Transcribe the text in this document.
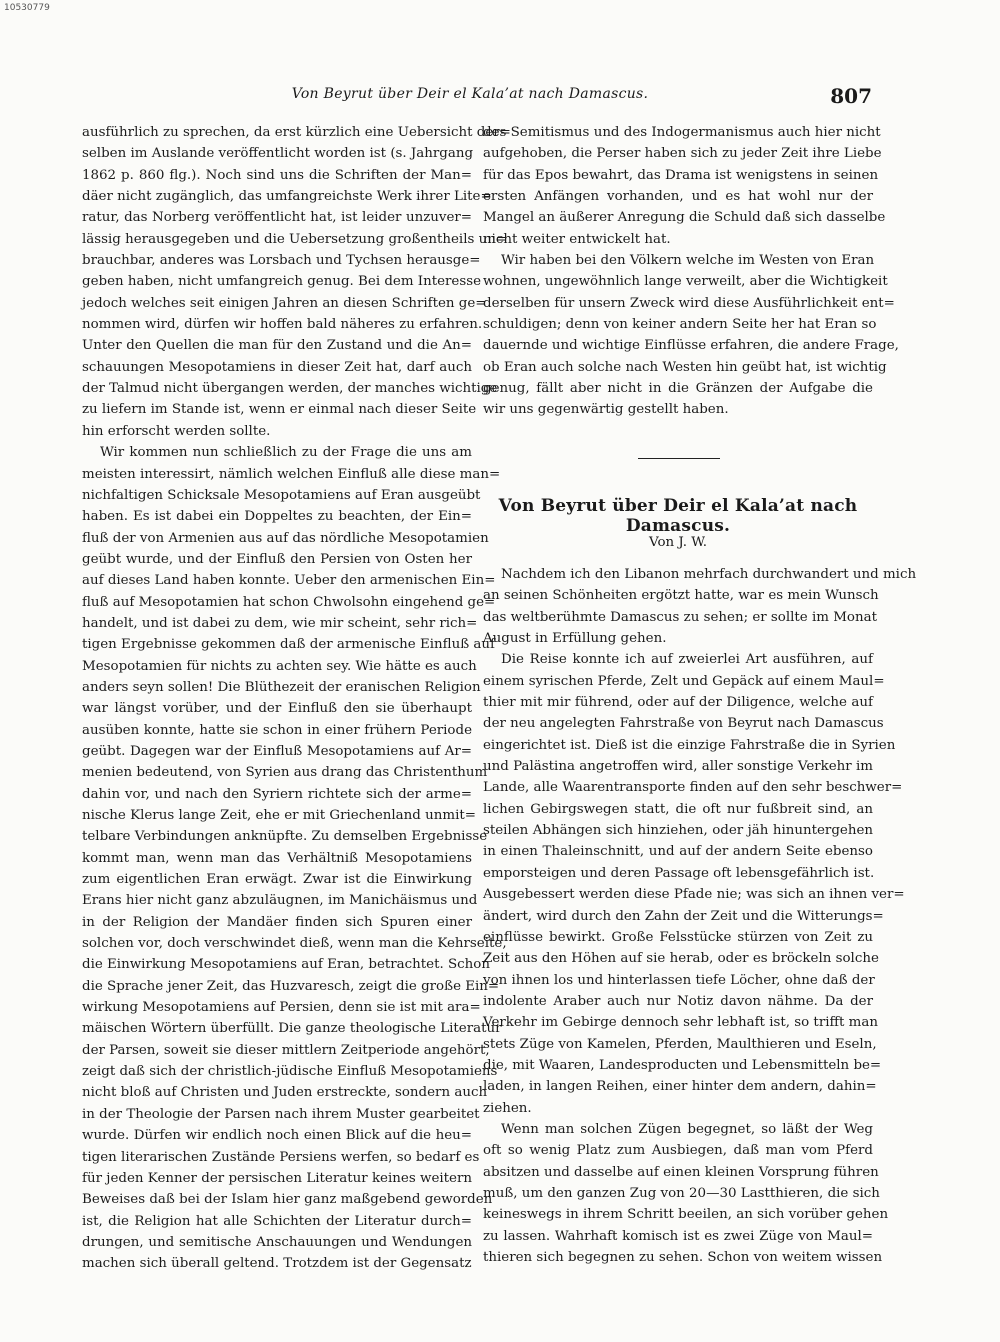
10530779
Von Beyrut über Deir el Kala’at nach Damascus.	807
ausführlich zu sprechen, da erst kürzlich eine Uebersicht der=
selben im Auslande veröffentlicht worden ist (s. Jahrgang
1862 p. 860 flg.). Noch sind uns die Schriften der Man=
däer nicht zugänglich, das umfangreichste Werk ihrer Lite=
ratur, das Norberg veröffentlicht hat, ist leider unzuver=
lässig herausgegeben und die Uebersetzung großentheils un=
brauchbar, anderes was Lorsbach und Tychsen herausge=
geben haben, nicht umfangreich genug. Bei dem Interesse
jedoch welches seit einigen Jahren an diesen Schriften ge=
nommen wird, dürfen wir hoffen bald näheres zu erfahren.
Unter den Quellen die man für den Zustand und die An=
schauungen Mesopotamiens in dieser Zeit hat, darf auch
der Talmud nicht übergangen werden, der manches wichtige
zu liefern im Stande ist, wenn er einmal nach dieser Seite
hin erforscht werden sollte.
Wir kommen nun schließlich zu der Frage die uns am
meisten interessirt, nämlich welchen Einfluß alle diese man=
nichfaltigen Schicksale Mesopotamiens auf Eran ausgeübt
haben. Es ist dabei ein Doppeltes zu beachten, der Ein=
fluß der von Armenien aus auf das nördliche Mesopotamien
geübt wurde, und der Einfluß den Persien von Osten her
auf dieses Land haben konnte. Ueber den armenischen Ein=
fluß auf Mesopotamien hat schon Chwolsohn eingehend ge=
handelt, und ist dabei zu dem, wie mir scheint, sehr rich=
tigen Ergebnisse gekommen daß der armenische Einfluß auf
Mesopotamien für nichts zu achten sey. Wie hätte es auch
anders seyn sollen! Die Blüthezeit der eranischen Religion
war längst vorüber, und der Einfluß den sie überhaupt
ausüben konnte, hatte sie schon in einer frühern Periode
geübt. Dagegen war der Einfluß Mesopotamiens auf Ar=
menien bedeutend, von Syrien aus drang das Christenthum
dahin vor, und nach den Syriern richtete sich der arme=
nische Klerus lange Zeit, ehe er mit Griechenland unmit=
telbare Verbindungen anknüpfte. Zu demselben Ergebnisse
kommt man, wenn man das Verhältniß Mesopotamiens
zum eigentlichen Eran erwägt. Zwar ist die Einwirkung
Erans hier nicht ganz abzuläugnen, im Manichäismus und
in der Religion der Mandäer finden sich Spuren einer
solchen vor, doch verschwindet dieß, wenn man die Kehrseite,
die Einwirkung Mesopotamiens auf Eran, betrachtet. Schon
die Sprache jener Zeit, das Huzvaresch, zeigt die große Ein=
wirkung Mesopotamiens auf Persien, denn sie ist mit ara=
mäischen Wörtern überfüllt. Die ganze theologische Literatur
der Parsen, soweit sie dieser mittlern Zeitperiode angehört,
zeigt daß sich der christlich-jüdische Einfluß Mesopotamiens
nicht bloß auf Christen und Juden erstreckte, sondern auch
in der Theologie der Parsen nach ihrem Muster gearbeitet
wurde. Dürfen wir endlich noch einen Blick auf die heu=
tigen literarischen Zustände Persiens werfen, so bedarf es
für jeden Kenner der persischen Literatur keines weitern
Beweises daß bei der Islam hier ganz maßgebend geworden
ist, die Religion hat alle Schichten der Literatur durch=
drungen, und semitische Anschauungen und Wendungen
machen sich überall geltend. Trotzdem ist der Gegensatz
des Semitismus und des Indogermanismus auch hier nicht
aufgehoben, die Perser haben sich zu jeder Zeit ihre Liebe
für das Epos bewahrt, das Drama ist wenigstens in seinen
ersten Anfängen vorhanden, und es hat wohl nur der
Mangel an äußerer Anregung die Schuld daß sich dasselbe
nicht weiter entwickelt hat.
Wir haben bei den Völkern welche im Westen von Eran
wohnen, ungewöhnlich lange verweilt, aber die Wichtigkeit
derselben für unsern Zweck wird diese Ausführlichkeit ent=
schuldigen; denn von keiner andern Seite her hat Eran so
dauernde und wichtige Einflüsse erfahren, die andere Frage,
ob Eran auch solche nach Westen hin geübt hat, ist wichtig
genug, fällt aber nicht in die Gränzen der Aufgabe die
wir uns gegenwärtig gestellt haben.
Von Beyrut über Deir el Kala’at nach Damascus.
Von J. W.
Nachdem ich den Libanon mehrfach durchwandert und mich
an seinen Schönheiten ergötzt hatte, war es mein Wunsch
das weltberühmte Damascus zu sehen; er sollte im Monat
August in Erfüllung gehen.
Die Reise konnte ich auf zweierlei Art ausführen, auf
einem syrischen Pferde, Zelt und Gepäck auf einem Maul=
thier mit mir führend, oder auf der Diligence, welche auf
der neu angelegten Fahrstraße von Beyrut nach Damascus
eingerichtet ist. Dieß ist die einzige Fahrstraße die in Syrien
und Palästina angetroffen wird, aller sonstige Verkehr im
Lande, alle Waarentransporte finden auf den sehr beschwer=
lichen Gebirgswegen statt, die oft nur fußbreit sind, an
steilen Abhängen sich hinziehen, oder jäh hinuntergehen
in einen Thaleinschnitt, und auf der andern Seite ebenso
emporsteigen und deren Passage oft lebensgefährlich ist.
Ausgebessert werden diese Pfade nie; was sich an ihnen ver=
ändert, wird durch den Zahn der Zeit und die Witterungs=
einflüsse bewirkt. Große Felsstücke stürzen von Zeit zu
Zeit aus den Höhen auf sie herab, oder es bröckeln solche
von ihnen los und hinterlassen tiefe Löcher, ohne daß der
indolente Araber auch nur Notiz davon nähme. Da der
Verkehr im Gebirge dennoch sehr lebhaft ist, so trifft man
stets Züge von Kamelen, Pferden, Maulthieren und Eseln,
die, mit Waaren, Landesproducten und Lebensmitteln be=
laden, in langen Reihen, einer hinter dem andern, dahin=
ziehen.
Wenn man solchen Zügen begegnet, so läßt der Weg
oft so wenig Platz zum Ausbiegen, daß man vom Pferd
absitzen und dasselbe auf einen kleinen Vorsprung führen
muß, um den ganzen Zug von 20—30 Lastthieren, die sich
keineswegs in ihrem Schritt beeilen, an sich vorüber gehen
zu lassen. Wahrhaft komisch ist es zwei Züge von Maul=
thieren sich begegnen zu sehen. Schon von weitem wissen
